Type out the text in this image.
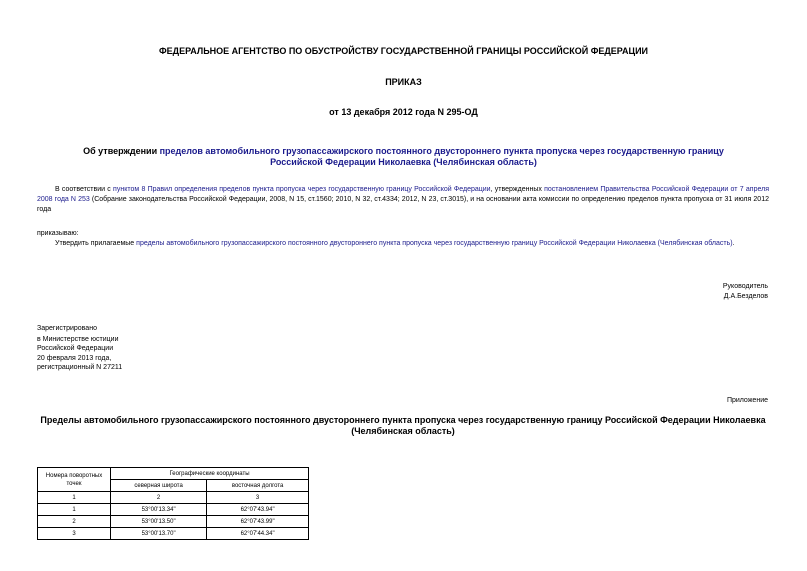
ФЕДЕРАЛЬНОЕ АГЕНТСТВО ПО ОБУСТРОЙСТВУ ГОСУДАРСТВЕННОЙ ГРАНИЦЫ РОССИЙСКОЙ ФЕДЕРАЦИИ
ПРИКАЗ
от 13 декабря 2012 года N 295-ОД
Об утверждении пределов автомобильного грузопассажирского постоянного двустороннего пункта пропуска через государственную границу Российской Федерации Николаевка (Челябинская область)
В соответствии с пунктом 8 Правил определения пределов пункта пропуска через государственную границу Российской Федерации, утвержденных постановлением Правительства Российской Федерации от 7 апреля 2008 года N 253 (Собрание законодательства Российской Федерации, 2008, N 15, ст.1560; 2010, N 32, ст.4334; 2012, N 23, ст.3015), и на основании акта комиссии по определению пределов пункта пропуска от 31 июля 2012 года
приказываю:
Утвердить прилагаемые пределы автомобильного грузопассажирского постоянного двустороннего пункта пропуска через государственную границу Российской Федерации Николаевка (Челябинская область).
Руководитель
Д.А.Безделов
Зарегистрировано
в Министерстве юстиции
Российской Федерации
20 февраля 2013 года,
регистрационный N 27211
Приложение
Пределы автомобильного грузопассажирского постоянного двустороннего пункта пропуска через государственную границу Российской Федерации Николаевка (Челябинская область)
Номера поворотных точек	Географические координаты	
	северная широта	восточная долгота
1	2	3
1	53°00'13.34"	62°07'43.94"
2	53°00'13.50"	62°07'43.99"
3	53°00'13.70"	62°07'44.34"
